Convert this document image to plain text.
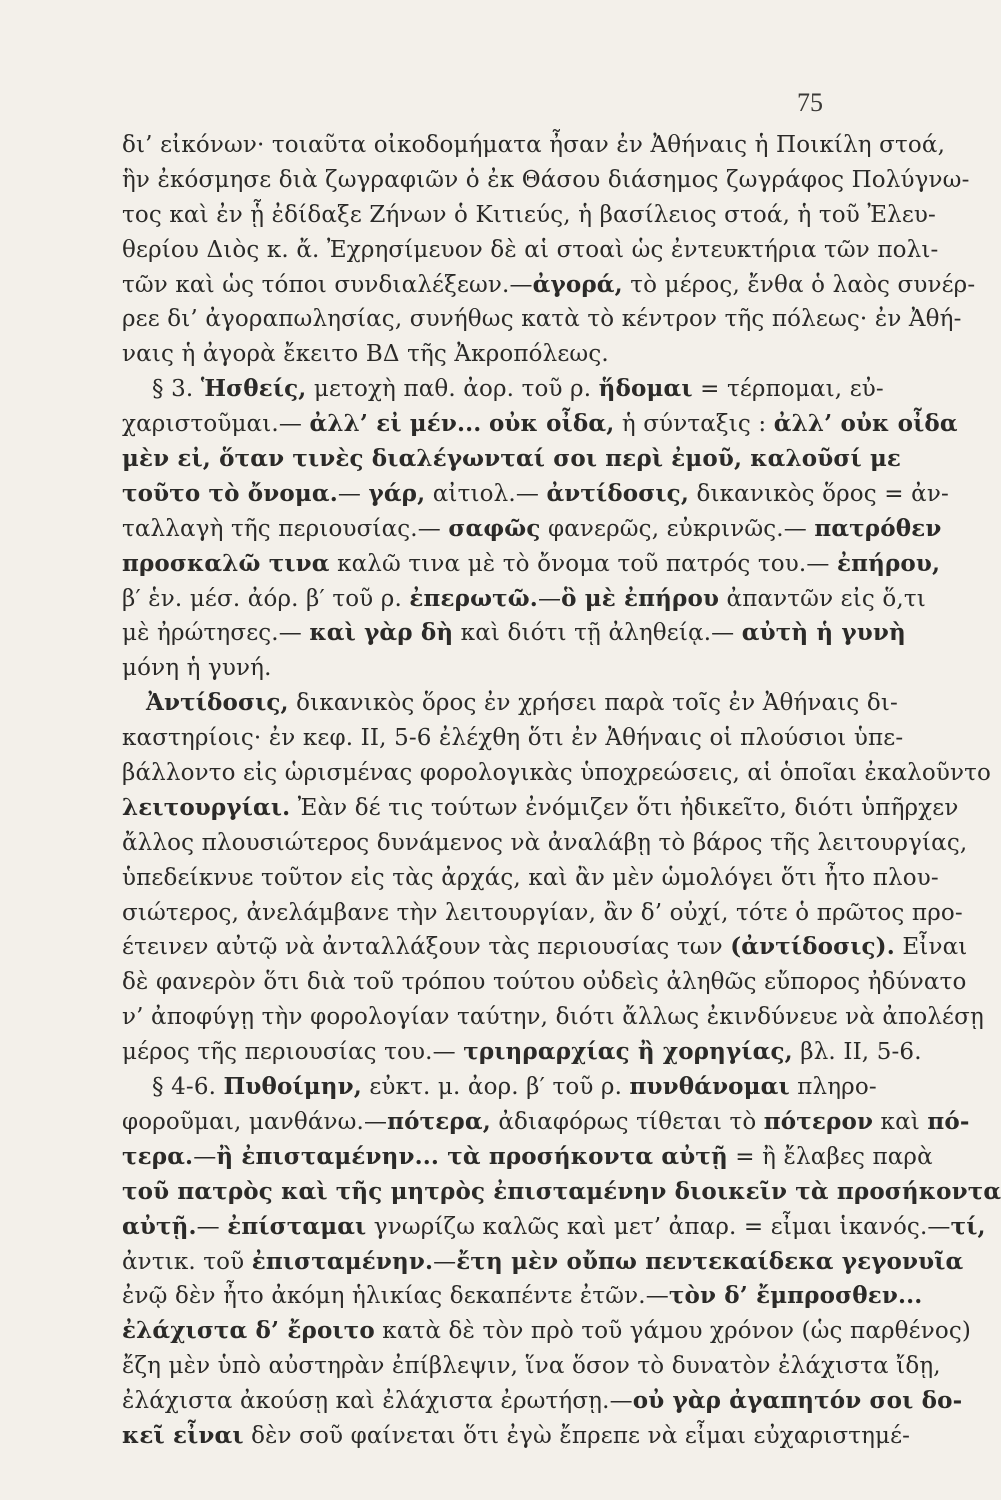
75
δι’ εἰκόνων· τοιαῦτα οἰκοδομήματα ἦσαν ἐν Ἀθήναις ἡ Ποικίλη στοά,
ἣν ἐκόσμησε διὰ ζωγραφιῶν ὁ ἐκ Θάσου διάσημος ζωγράφος Πολύγνω-
τος καὶ ἐν ᾗ ἐδίδαξε Ζήνων ὁ Κιτιεύς, ἡ βασίλειος στοά, ἡ τοῦ Ἐλευ-
θερίου Διὸς κ. ἄ. Ἐχρησίμευον δὲ αἱ στοαὶ ὡς ἐντευκτήρια τῶν πολι-
τῶν καὶ ὡς τόποι συνδιαλέξεων.—ἀγορά, τὸ μέρος, ἔνθα ὁ λαὸς συνέρ-
ρεε δι’ ἀγοραπωλησίας, συνήθως κατὰ τὸ κέντρον τῆς πόλεως· ἐν Ἀθή-
ναις ἡ ἀγορὰ ἔκειτο ΒΔ τῆς Ἀκροπόλεως.
§ 3. Ἡσθείς, μετοχὴ παθ. ἀορ. τοῦ ρ. ἥδομαι = τέρπομαι, εὐ-
χαριστοῦμαι.— ἀλλ’ εἰ μέν... οὐκ οἶδα, ἡ σύνταξις : ἀλλ’ οὐκ οἶδα
μὲν εἰ, ὅταν τινὲς διαλέγωνταί σοι περὶ ἐμοῦ, καλοῦσί με
τοῦτο τὸ ὄνομα.— γάρ, αἰτιολ.— ἀντίδοσις, δικανικὸς ὅρος = ἀν-
ταλλαγὴ τῆς περιουσίας.— σαφῶς φανερῶς, εὐκρινῶς.— πατρόθεν
προσκαλῶ τινα καλῶ τινα μὲ τὸ ὄνομα τοῦ πατρός του.— ἐπήρου,
β′ ἑν. μέσ. ἀόρ. β′ τοῦ ρ. ἐπερωτῶ.—ὃ μὲ ἐπήρου ἀπαντῶν εἰς ὅ,τι
μὲ ἠρώτησες.— καὶ γὰρ δὴ καὶ διότι τῇ ἀληθείᾳ.— αὐτὴ ἡ γυνὴ
μόνη ἡ γυνή.
Ἀντίδοσις, δικανικὸς ὅρος ἐν χρήσει παρὰ τοῖς ἐν Ἀθήναις δι-
καστηρίοις· ἐν κεφ. ΙΙ, 5-6 ἐλέχθη ὅτι ἐν Ἀθήναις οἱ πλούσιοι ὑπε-
βάλλοντο εἰς ὡρισμένας φορολογικὰς ὑποχρεώσεις, αἱ ὁποῖαι ἐκαλοῦντο
λειτουργίαι. Ἐὰν δέ τις τούτων ἐνόμιζεν ὅτι ἠδικεῖτο, διότι ὑπῆρχεν
ἄλλος πλουσιώτερος δυνάμενος νὰ ἀναλάβῃ τὸ βάρος τῆς λειτουργίας,
ὑπεδείκνυε τοῦτον εἰς τὰς ἀρχάς, καὶ ἂν μὲν ὡμολόγει ὅτι ἦτο πλου-
σιώτερος, ἀνελάμβανε τὴν λειτουργίαν, ἂν δ’ οὐχί, τότε ὁ πρῶτος προ-
έτεινεν αὐτῷ νὰ ἀνταλλάξουν τὰς περιουσίας των (ἀντίδοσις). Εἶναι
δὲ φανερὸν ὅτι διὰ τοῦ τρόπου τούτου οὐδεὶς ἀληθῶς εὔπορος ἠδύνατο
ν’ ἀποφύγῃ τὴν φορολογίαν ταύτην, διότι ἄλλως ἐκινδύνευε νὰ ἀπολέσῃ
μέρος τῆς περιουσίας του.— τριηραρχίας ἢ χορηγίας, βλ. ΙΙ, 5-6.
§ 4-6. Πυθοίμην, εὐκτ. μ. ἀορ. β′ τοῦ ρ. πυνθάνομαι πληρο-
φοροῦμαι, μανθάνω.—πότερα, ἀδιαφόρως τίθεται τὸ πότερον καὶ πό-
τερα.—ἢ ἐπισταμένην... τὰ προσήκοντα αὐτῇ = ἢ ἔλαβες παρὰ
τοῦ πατρὸς καὶ τῆς μητρὸς ἐπισταμένην διοικεῖν τὰ προσήκοντα
αὐτῇ.— ἐπίσταμαι γνωρίζω καλῶς καὶ μετ’ ἀπαρ. = εἶμαι ἱκανός.—τί,
ἀντικ. τοῦ ἐπισταμένην.—ἔτη μὲν οὔπω πεντεκαίδεκα γεγονυῖα
ἐνῷ δὲν ἦτο ἀκόμη ἡλικίας δεκαπέντε ἐτῶν.—τὸν δ’ ἔμπροσθεν...
ἐλάχιστα δ’ ἔροιτο κατὰ δὲ τὸν πρὸ τοῦ γάμου χρόνον (ὡς παρθένος)
ἔζη μὲν ὑπὸ αὐστηρὰν ἐπίβλεψιν, ἵνα ὅσον τὸ δυνατὸν ἐλάχιστα ἴδῃ,
ἐλάχιστα ἀκούσῃ καὶ ἐλάχιστα ἐρωτήσῃ.—οὐ γὰρ ἀγαπητόν σοι δο-
κεῖ εἶναι δὲν σοῦ φαίνεται ὅτι ἐγὼ ἔπρεπε νὰ εἶμαι εὐχαριστημέ-
